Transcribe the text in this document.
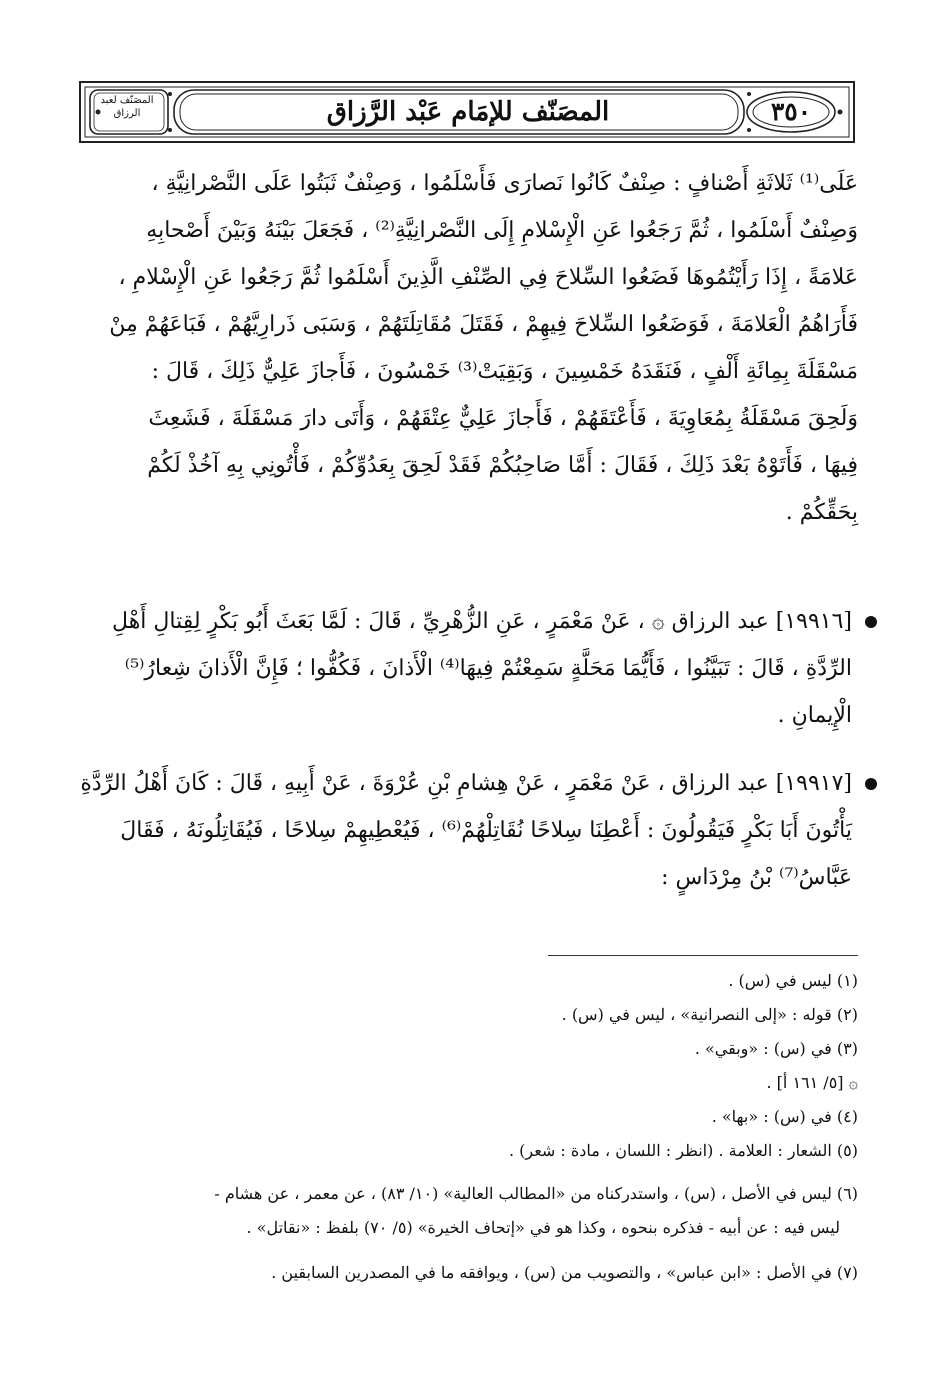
المصَنّف لعبد الرزاق	المصَنّف للإمَام عَبْد الرَّزاق	٣٥٠

عَلَى⁽¹⁾ ثَلاثَةِ أَصْنافٍ : صِنْفٌ كَانُوا نَصارَى فَأَسْلَمُوا ، وَصِنْفٌ ثَبَتُوا عَلَى النَّصْرانِيَّةِ ،

وَصِنْفٌ أَسْلَمُوا ، ثُمَّ رَجَعُوا عَنِ الْإِسْلامِ إِلَى النَّصْرانِيَّةِ⁽²⁾ ، فَجَعَلَ بَيْنَهُ وَبَيْنَ أَصْحابِهِ

عَلامَةً ، إِذَا رَأَيْتُمُوهَا فَضَعُوا السِّلاحَ فِي الصِّنْفِ الَّذِينَ أَسْلَمُوا ثُمَّ رَجَعُوا عَنِ الْإِسْلامِ ،

فَأَرَاهُمُ الْعَلامَةَ ، فَوَضَعُوا السِّلاحَ فِيهِمْ ، فَقَتَلَ مُقَاتِلَتَهُمْ ، وَسَبَى ذَرارِيَّهُمْ ، فَبَاعَهُمْ مِنْ

مَسْقَلَةَ بِمِائَةِ أَلْفٍ ، فَنَقَدَهُ خَمْسِينَ ، وَبَقِيَتْ⁽³⁾ خَمْسُونَ ، فَأَجازَ عَلِيٌّ ذَلِكَ ، قَالَ :

وَلَحِقَ مَسْقَلَةُ بِمُعَاوِيَةَ ، فَأَعْتَقَهُمْ ، فَأَجازَ عَلِيٌّ عِتْقَهُمْ ، وَأَتَى دارَ مَسْقَلَةَ ، فَشَعِثَ

فِيهَا ، فَأَتَوْهُ بَعْدَ ذَلِكَ ، فَقَالَ : أَمَّا صَاحِبُكُمْ فَقَدْ لَحِقَ بِعَدُوِّكُمْ ، فَأْتُونِي بِهِ آخُذْ لَكُمْ

بِحَقِّكُمْ .

[١٩٩١٦] عبد الرزاق ۞ ، عَنْ مَعْمَرٍ ، عَنِ الزُّهْرِيِّ ، قَالَ : لَمَّا بَعَثَ أَبُو بَكْرٍ لِقِتالِ أَهْلِ

الرِّدَّةِ ، قَالَ : تَبَيَّنُوا ، فَأَيُّمَا مَحَلَّةٍ سَمِعْتُمْ فِيهَا⁽⁴⁾ الْأَذانَ ، فَكُفُّوا ؛ فَإِنَّ الْأَذانَ شِعارُ⁽⁵⁾

الْإِيمانِ .

[١٩٩١٧] عبد الرزاق ، عَنْ مَعْمَرٍ ، عَنْ هِشامِ بْنِ عُرْوَةَ ، عَنْ أَبِيهِ ، قَالَ : كَانَ أَهْلُ الرِّدَّةِ

يَأْتُونَ أَبَا بَكْرٍ فَيَقُولُونَ : أَعْطِنَا سِلاحًا نُقَاتِلْهُمْ⁽⁶⁾ ، فَيُعْطِيهِمْ سِلاحًا ، فَيُقَاتِلُونَهُ ، فَقَالَ

عَبَّاسُ⁽⁷⁾ بْنُ مِرْدَاسٍ :

(١) ليس في (س) .
(٢) قوله : «إلى النصرانية» ، ليس في (س) .
(٣) في (س) : «وبقي» .
۞ [٥/ ١٦١ أ] .
(٤) في (س) : «بها» .
(٥) الشعار : العلامة . (انظر : اللسان ، مادة : شعر) .
(٦) ليس في الأصل ، (س) ، واستدركناه من «المطالب العالية» (١٠/ ٨٣) ، عن معمر ، عن هشام -
ليس فيه : عن أبيه - فذكره بنحوه ، وكذا هو في «إتحاف الخيرة» (٥/ ٧٠) بلفظ : «نقاتل» .
(٧) في الأصل : «ابن عباس» ، والتصويب من (س) ، ويوافقه ما في المصدرين السابقين .
